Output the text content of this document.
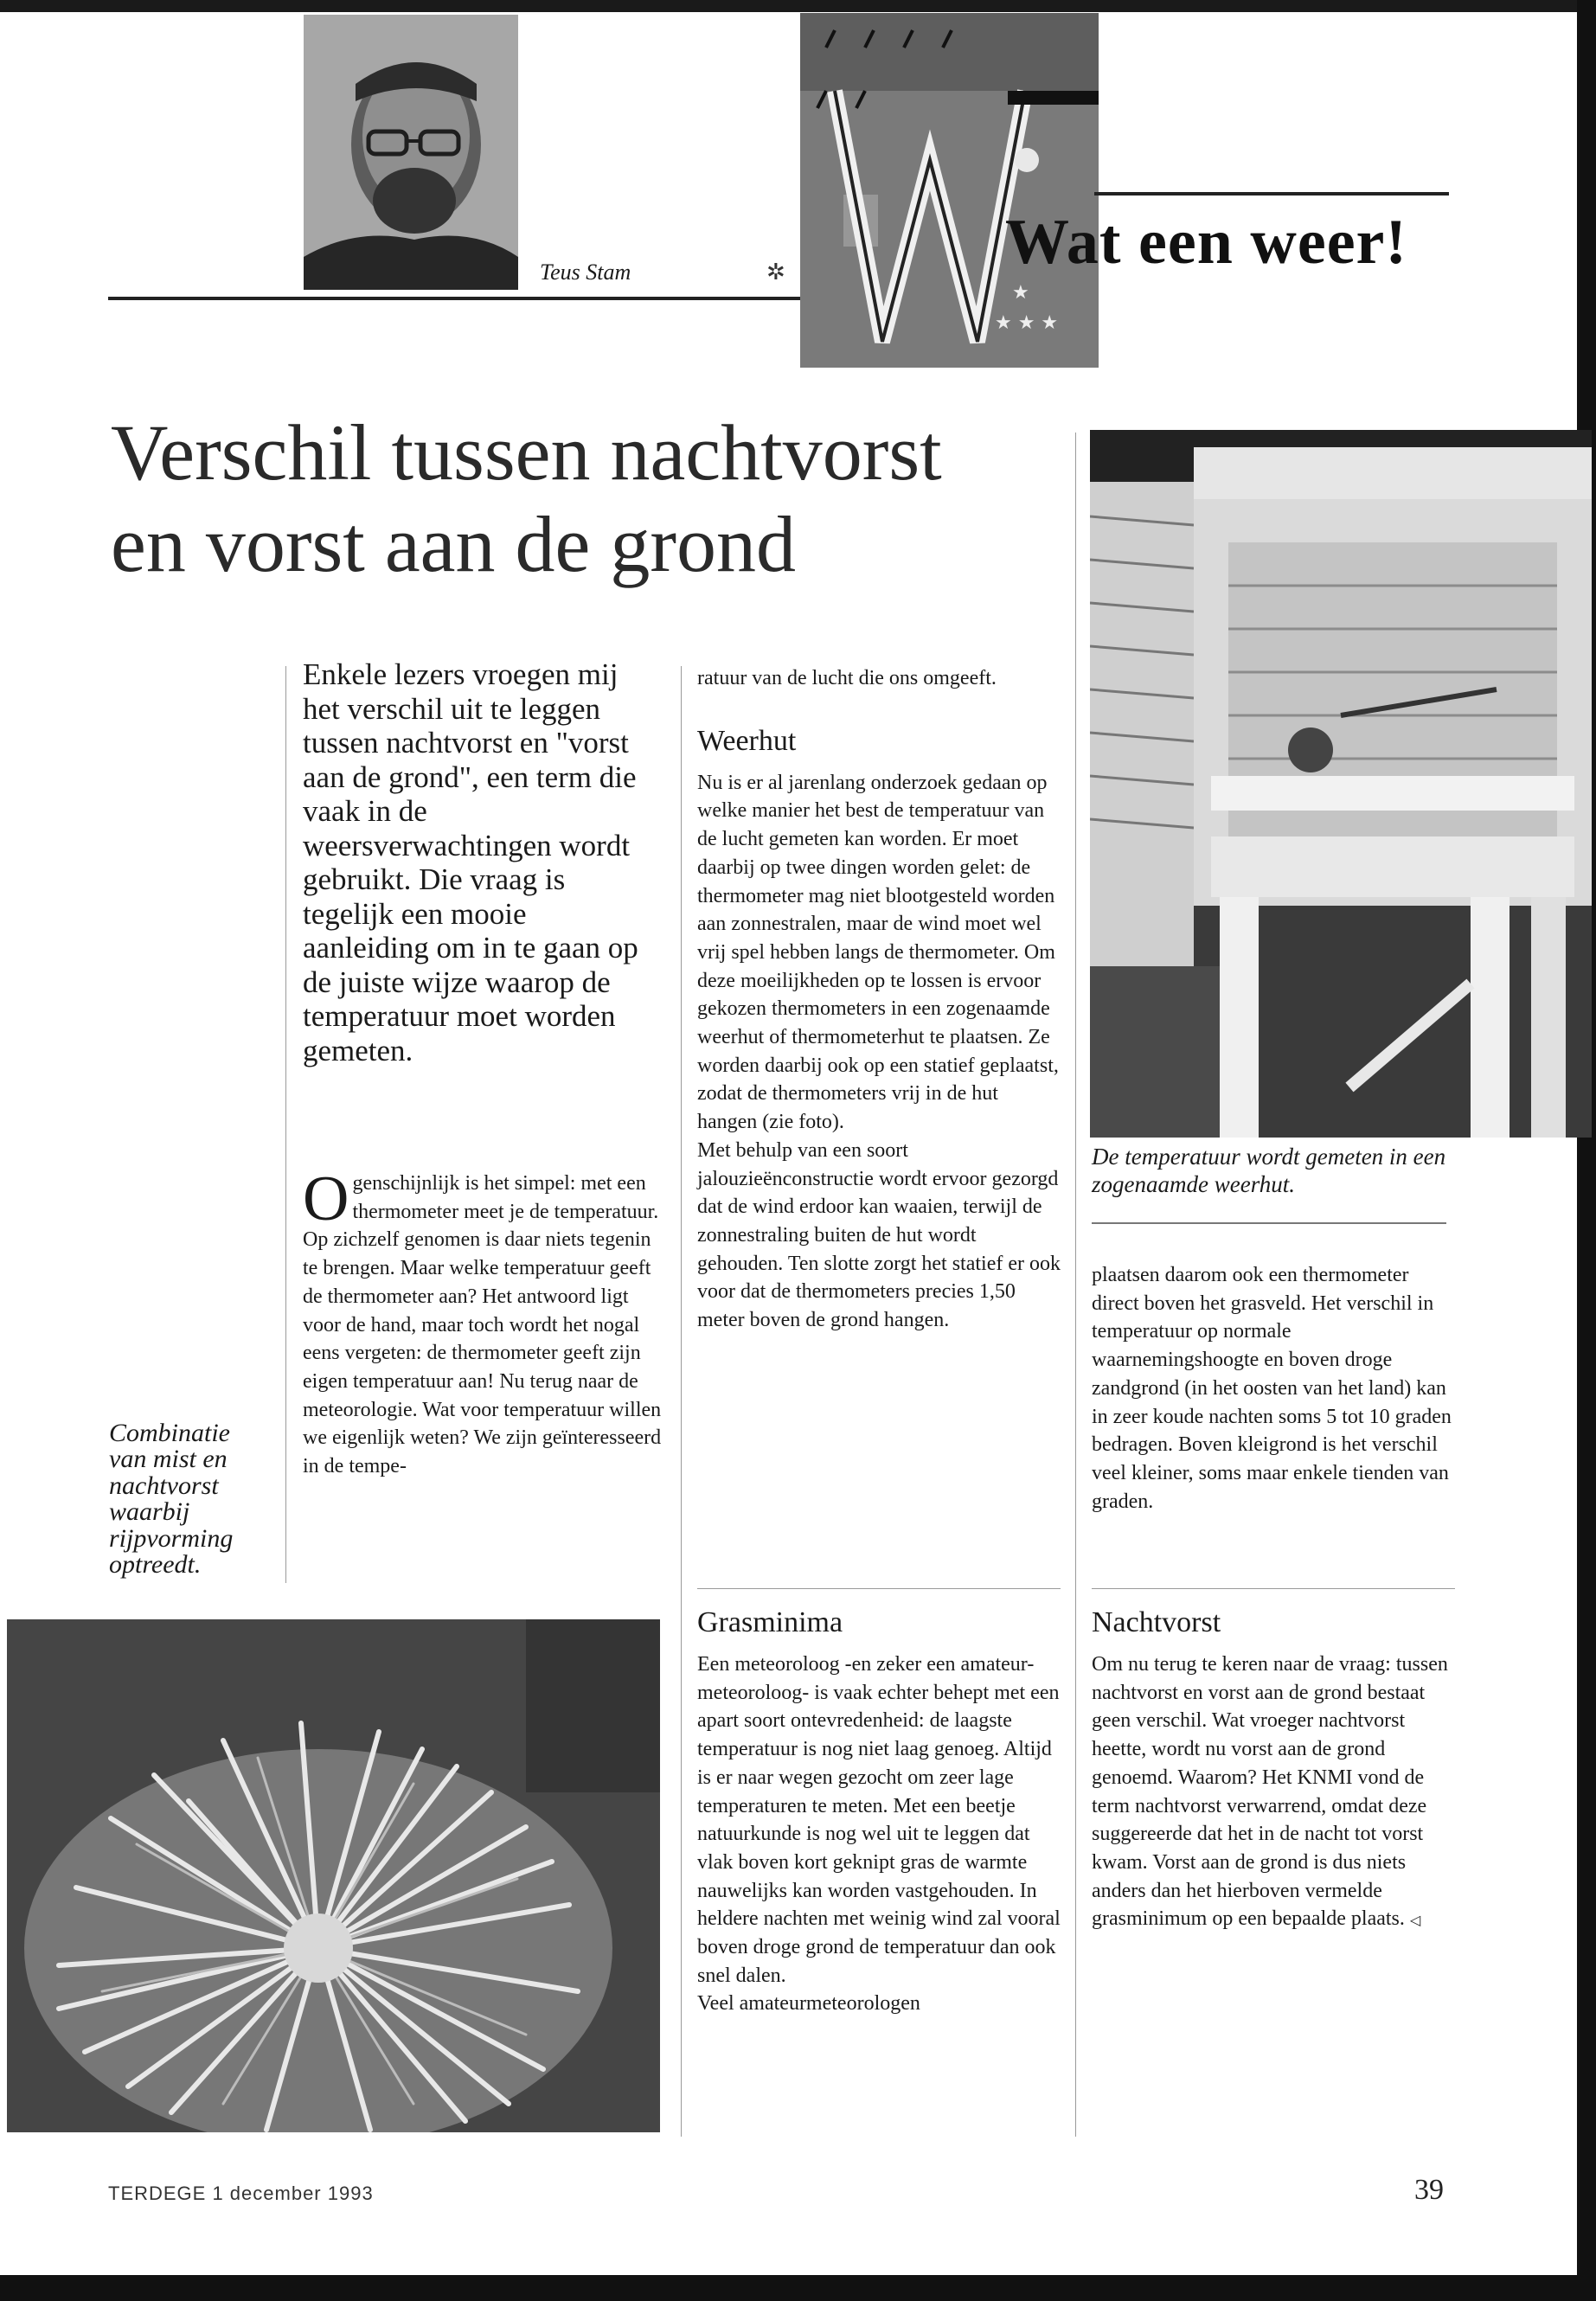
Teus Stam	✲
★
★ ★ ★
Wat een weer!
Verschil tussen nachtvorst
en vorst aan de grond
De temperatuur wordt gemeten in een zogenaamde weerhut.
Enkele lezers vroegen mij het verschil uit te leggen tussen nachtvorst en "vorst aan de grond", een term die vaak in de weersverwachtingen wordt gebruikt. Die vraag is tegelijk een mooie aanleiding om in te gaan op de juiste wijze waarop de temperatuur moet worden gemeten.
O genschijnlijk is het simpel: met een thermometer meet je de temperatuur. Op zichzelf genomen is daar niets tegenin te brengen. Maar welke temperatuur geeft de thermometer aan? Het antwoord ligt voor de hand, maar toch wordt het nogal eens vergeten: de thermometer geeft zijn eigen temperatuur aan! Nu terug naar de meteorologie. Wat voor temperatuur willen we eigenlijk weten? We zijn geïnteresseerd in de tempe-
Combinatie van mist en nachtvorst waarbij rijpvorming optreedt.

ratuur van de lucht die ons omgeeft.

Weerhut

Nu is er al jarenlang onderzoek gedaan op welke manier het best de temperatuur van de lucht gemeten kan worden. Er moet daarbij op twee dingen worden gelet: de thermometer mag niet blootgesteld worden aan zonnestralen, maar de wind moet wel vrij spel hebben langs de thermometer. Om deze moeilijkheden op te lossen is ervoor gekozen thermometers in een zogenaamde weerhut of thermometerhut te plaatsen. Ze worden daarbij ook op een statief geplaatst, zodat de thermometers vrij in de hut hangen (zie foto).

Met behulp van een soort jalouzieënconstructie wordt ervoor gezorgd dat de wind erdoor kan waaien, terwijl de zonnestraling buiten de hut wordt gehouden. Ten slotte zorgt het statief er ook voor dat de thermometers precies 1,50 meter boven de grond hangen.

Grasminima

Een meteoroloog -en zeker een amateur-meteoroloog- is vaak echter behept met een apart soort ontevredenheid: de laagste temperatuur is nog niet laag genoeg. Altijd is er naar wegen gezocht om zeer lage temperaturen te meten. Met een beetje natuurkunde is nog wel uit te leggen dat vlak boven kort geknipt gras de warmte nauwelijks kan worden vastgehouden. In heldere nachten met weinig wind zal vooral boven droge grond de temperatuur dan ook snel dalen.

Veel amateurmeteorologen

plaatsen daarom ook een thermometer direct boven het grasveld. Het verschil in temperatuur op normale waarnemingshoogte en boven droge zandgrond (in het oosten van het land) kan in zeer koude nachten soms 5 tot 10 graden bedragen. Boven kleigrond is het verschil veel kleiner, soms maar enkele tienden van graden.

Nachtvorst

Om nu terug te keren naar de vraag: tussen nachtvorst en vorst aan de grond bestaat geen verschil. Wat vroeger nachtvorst heette, wordt nu vorst aan de grond genoemd. Waarom? Het KNMI vond de term nachtvorst verwarrend, omdat deze suggereerde dat het in de nacht tot vorst kwam. Vorst aan de grond is dus niets anders dan het hierboven vermelde grasminimum op een bepaalde plaats. ◁

TERDEGE 1 december 1993	39
